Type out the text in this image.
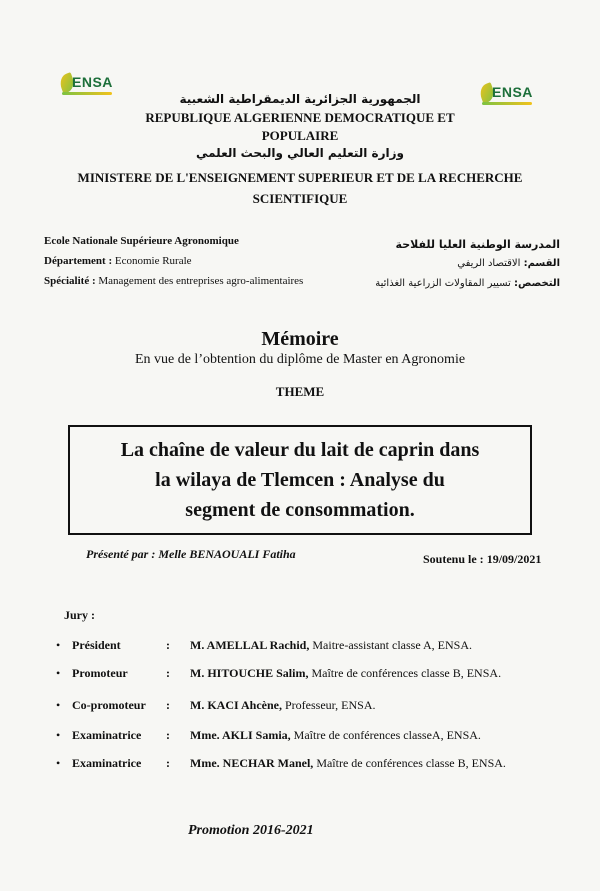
ENSA
ENSA
الجمهورية الجزائرية الديمقراطية الشعبية
REPUBLIQUE ALGERIENNE DEMOCRATIQUE ET
POPULAIRE
وزارة التعليم العالي والبحث العلمي
MINISTERE DE L'ENSEIGNEMENT SUPERIEUR ET DE LA RECHERCHE
SCIENTIFIQUE
Ecole Nationale Supérieure Agronomique
Département : Economie Rurale
Spécialité : Management des entreprises agro-alimentaires
المدرسة الوطنية العليا للفلاحة
القسم: الاقتصاد الريفي
التخصص: تسيير المقاولات الزراعية الغذائية
Mémoire
En vue de l’obtention du diplôme de Master en Agronomie
THEME
La chaîne de valeur du lait de caprin dans
la wilaya de Tlemcen : Analyse du
segment de consommation.
Présenté par : Melle BENAOUALI Fatiha	Soutenu le : 19/09/2021
Jury :
• Président	: M. AMELLAL Rachid, Maitre-assistant classe A, ENSA.
• Promoteur	: M. HITOUCHE Salim, Maître de conférences classe B, ENSA.
• Co-promoteur : M. KACI Ahcène, Professeur, ENSA.
• Examinatrice : Mme. AKLI Samia, Maître de conférences classeA, ENSA.
• Examinatrice : Mme. NECHAR Manel, Maître de conférences classe B, ENSA.
Promotion 2016-2021
